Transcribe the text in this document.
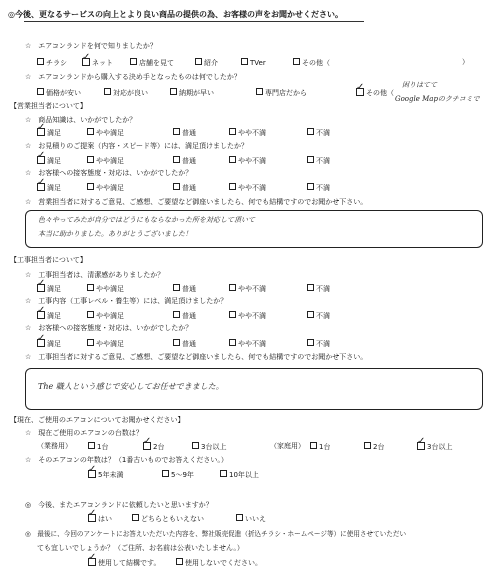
◎今後、更なるサービスの向上とより良い商品の提供の為、お客様の声をお聞かせください。
☆　エアコンランドを何で知りましたか？
チラシ ✓	ネット	店舗を見て	紹介	TVer	その他（	）
☆　エアコンランドから購入する決め手となったものは何でしたか？
価格が安い	対応が良い	納期が早い	専門店だから ✓	その他（
困りはてて
Google Mapのクチコミで
【営業担当者について】
☆　商品知識は、いかがでしたか？
✓満足	やや満足	普通	やや不満	不満
☆　お見積りのご提案（内容・スピード等）には、満足頂けましたか？
✓満足	やや満足	普通	やや不満	不満
☆　お客様への接客態度・対応は、いかがでしたか？
✓満足	やや満足	普通	やや不満	不満
☆　営業担当者に対するご意見、ご感想、ご要望など御座いましたら、何でも結構ですのでお聞かせ下さい。
色々やってみたが自分ではどうにもならなかった所を対応して頂いて
本当に助かりました。ありがとうございました！
【工事担当者について】
☆　工事担当者は、清潔感がありましたか？
✓満足	やや満足	普通	やや不満	不満
☆　工事内容（工事レベル・養生等）には、満足頂けましたか？
✓満足	やや満足	普通	やや不満	不満
☆　お客様への接客態度・対応は、いかがでしたか？
✓満足	やや満足	普通	やや不満	不満
☆　工事担当者に対するご意見、ご感想、ご要望など御座いましたら、何でも結構ですのでお聞かせ下さい。
The 職人という感じで安心してお任せできました。
【現在、ご使用のエアコンについてお聞かせください】
☆　現在ご使用のエアコンの台数は？
（業務用）	1台 ✓	2台	3台以上	（家庭用）	1台	2台 ✓	3台以上
☆　そのエアコンの年数は？（1番古いものでお答えください。）
✓5年未満	5〜9年	10年以上
◎　今後、またエアコンランドに依頼したいと思いますか？
✓はい	どちらともいえない	いいえ
◎　最後に、今回のアンケートにお答えいただいた内容を、弊社販売促進（折込チラシ・ホームページ等）に使用させていただい
ても宜しいでしょうか？（ご住所、お名前は公表いたしません。）
✓使用して結構です。	使用しないでください。
